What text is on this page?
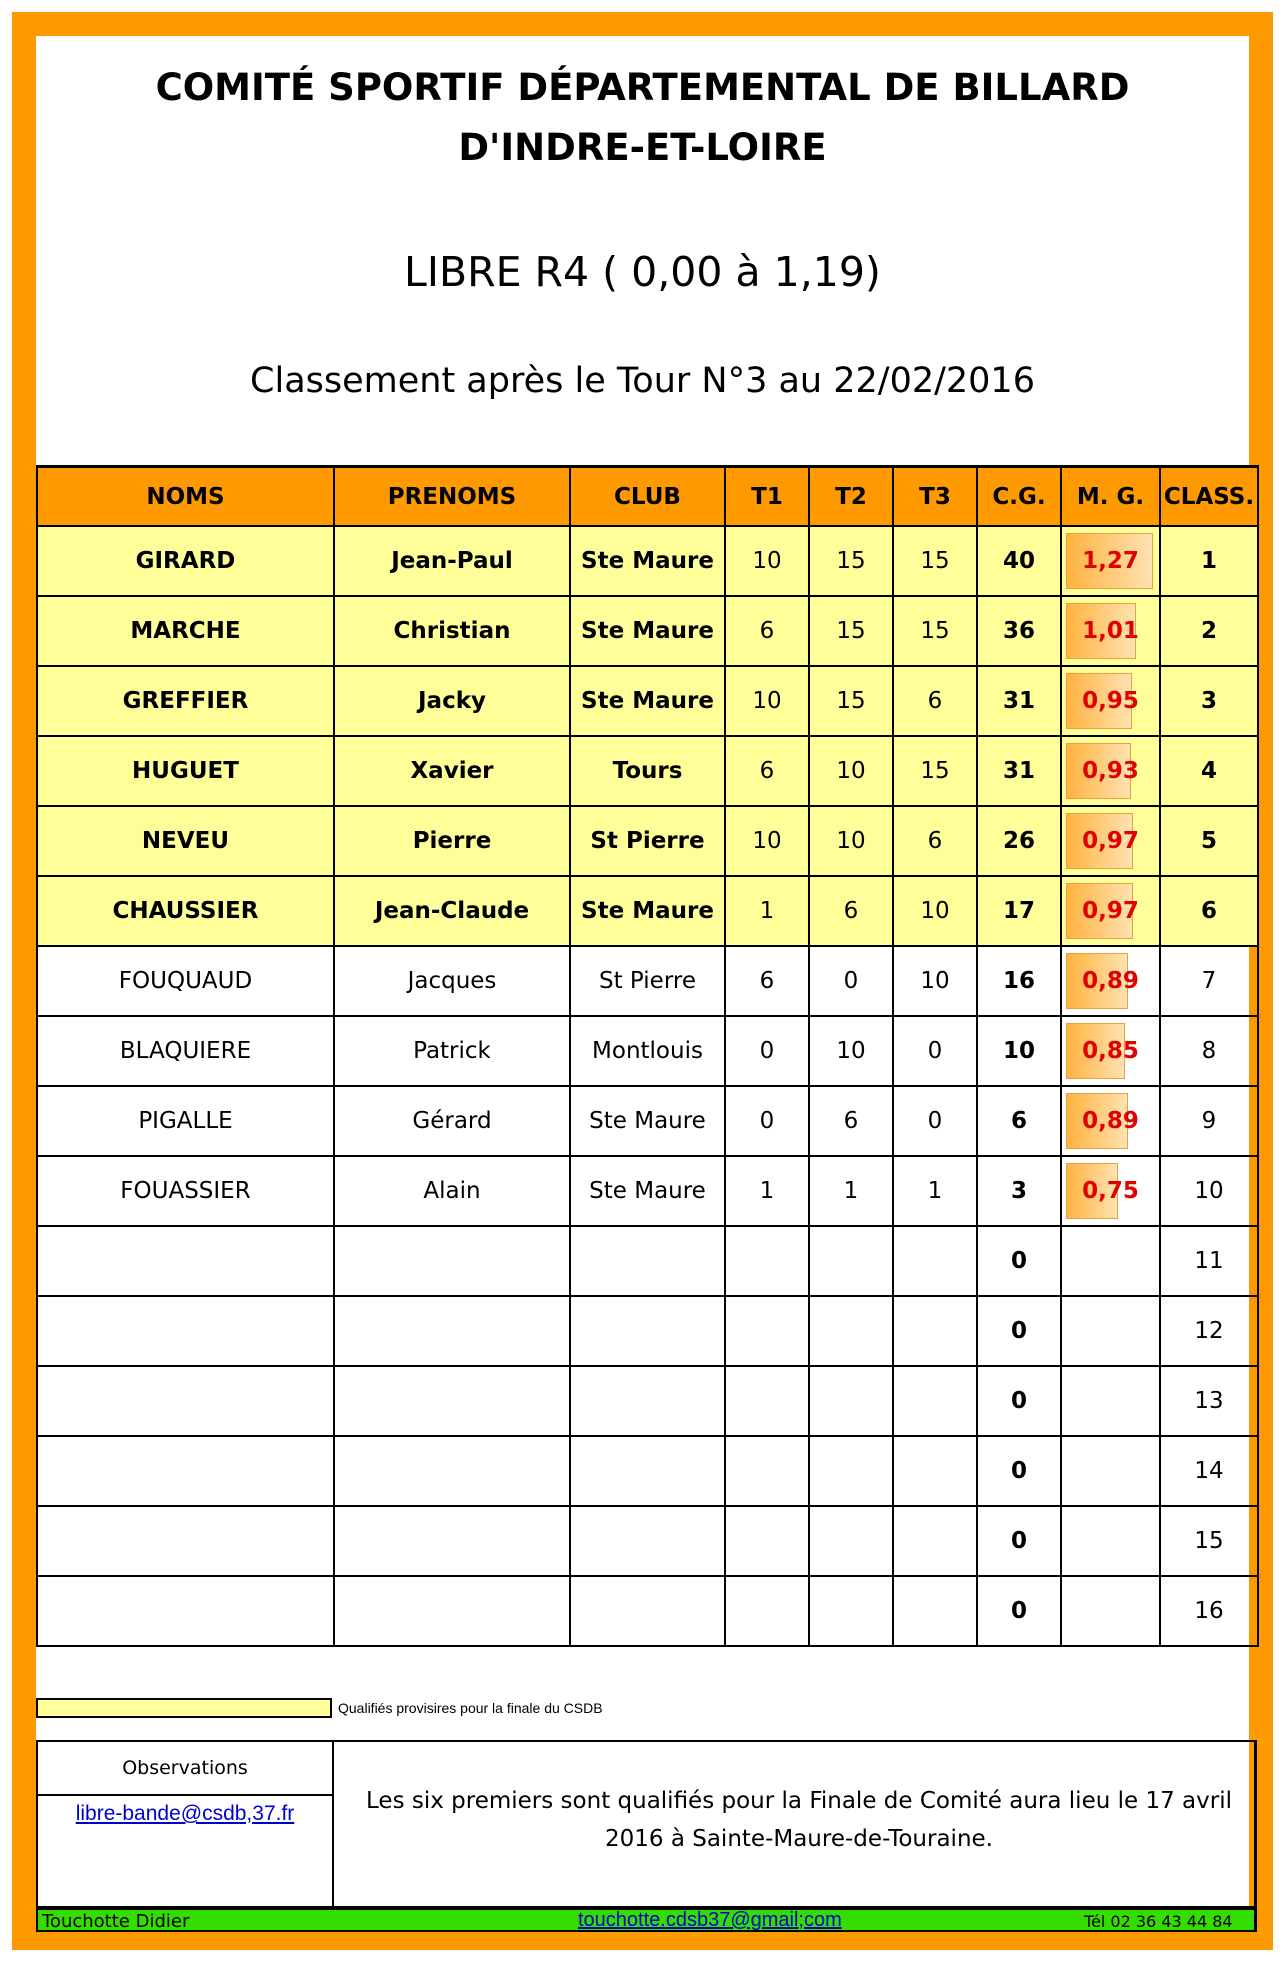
COMITÉ SPORTIF DÉPARTEMENTAL DE BILLARD
D'INDRE-ET-LOIRE
LIBRE R4 ( 0,00 à 1,19)
Classement après le Tour N°3 au 22/02/2016
NOMS	PRENOMS	CLUB	T1	T2	T3	C.G.	M. G.	CLASS.
GIRARD	Jean-Paul	Ste Maure	10	15	15	40	1,27	1
MARCHE	Christian	Ste Maure	6	15	15	36	1,01	2
GREFFIER	Jacky	Ste Maure	10	15	6	31	0,95	3
HUGUET	Xavier	Tours	6	10	15	31	0,93	4
NEVEU	Pierre	St Pierre	10	10	6	26	0,97	5
CHAUSSIER	Jean-Claude	Ste Maure	1	6	10	17	0,97	6
FOUQUAUD	Jacques	St Pierre	6	0	10	16	0,89	7
BLAQUIERE	Patrick	Montlouis	0	10	0	10	0,85	8
PIGALLE	Gérard	Ste Maure	0	6	0	6	0,89	9
FOUASSIER	Alain	Ste Maure	1	1	1	3	0,75	10
						0		11
						0		12
						0		13
						0		14
						0		15
						0		16
Qualifiés provisires pour la finale du CSDB
Observations
libre-bande@csdb,37.fr	Les six premiers sont qualifiés pour la Finale de Comité aura lieu le 17 avril 2016 à Sainte-Maure-de-Touraine.
Touchotte Didier	touchotte.cdsb37@gmail;com	Tél 02 36 43 44 84
